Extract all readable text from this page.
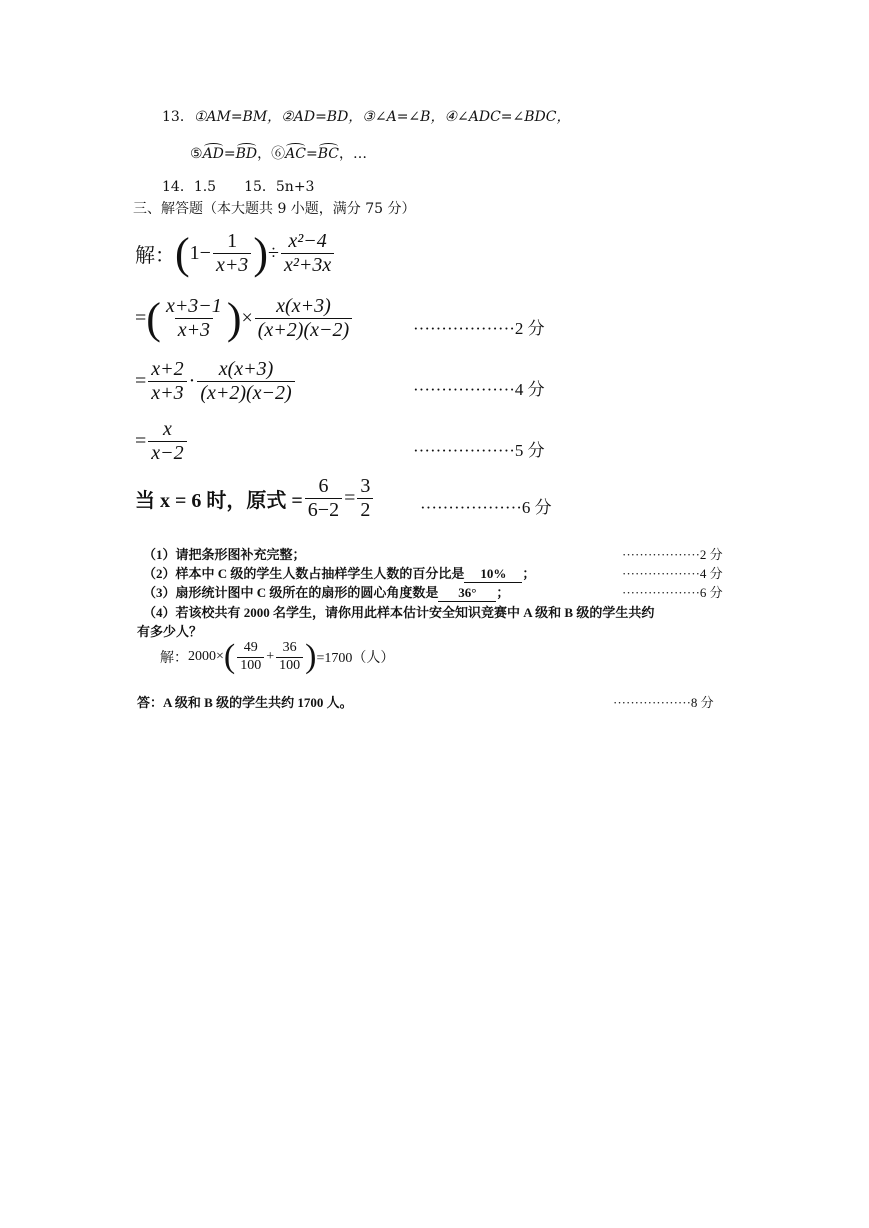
13．①AM=BM，②AD=BD，③∠A=∠B，④∠ADC=∠BDC，
⑤AD=BD，⑥AC=BC，…
14．1.5　　15．5n+3
三、解答题（本大题共 9 小题，满分 75 分）
解： ( $1- \frac{1}{x+3}$ ) ÷ $\frac{\text{x²−4}}{\text{x²+3x}}$
= ( $\frac{x+3-1}{x+3}$ ) × $\frac{x(x+3)}{(x+2)(x-2)}$	··················2 分
= $\frac{x+2}{x+3} \cdot \frac{x(x+3)}{(x+2)(x-2)}$	··················4 分
= $\frac{x}{x-2}$	··················5 分
当 x = 6 时，原式 = $\frac{6}{6-2} = \frac{3}{2}$	··················6 分
（1）请把条形图补充完整；	··················2 分
（2）样本中 C 级的学生人数占抽样学生人数的百分比是 10% ；	··················4 分
（3）扇形统计图中 C 级所在的扇形的圆心角度数是 36° ；	··················6 分
（4）若该校共有 2000 名学生，请你用此样本估计安全知识竞赛中 A 级和 B 级的学生共约
有多少人？
解： 2000× ( $\frac{49}{100} + \frac{36}{100}$ ) =1700（人）
答：A 级和 B 级的学生共约 1700 人。	··················8 分
